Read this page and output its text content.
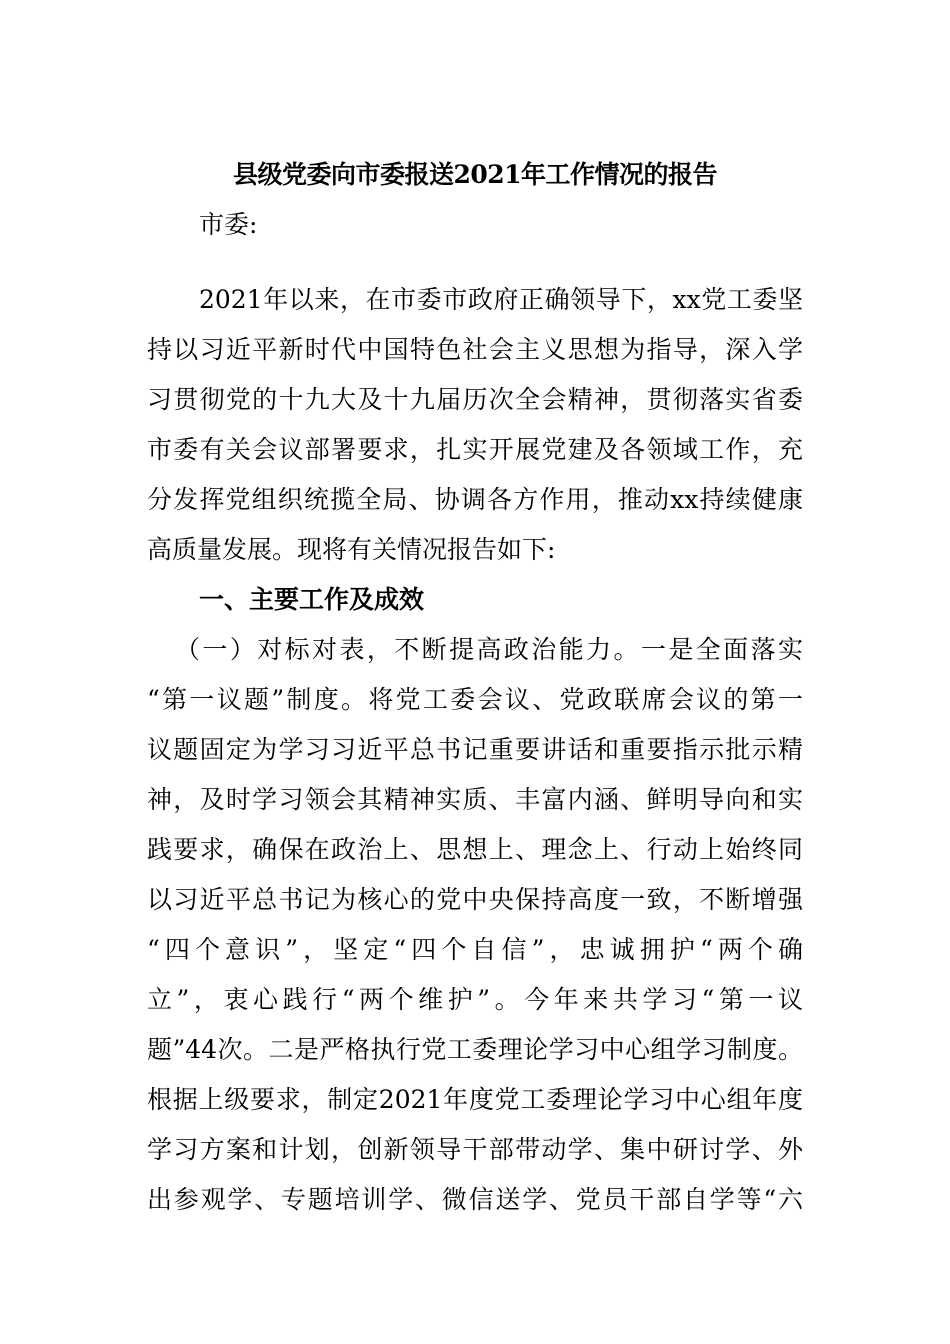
县级党委向市委报送2021年工作情况的报告
市委:
2021年以来，在市委市政府正确领导下，xx党工委坚
持以习近平新时代中国特色社会主义思想为指导，深入学
习贯彻党的十九大及十九届历次全会精神，贯彻落实省委
市委有关会议部署要求，扎实开展党建及各领域工作，充
分发挥党组织统揽全局、协调各方作用，推动xx持续健康
高质量发展。现将有关情况报告如下:
一、主要工作及成效
（一）对标对表，不断提高政治能力。一是全面落实
“第一议题”制度。将党工委会议、党政联席会议的第一
议题固定为学习习近平总书记重要讲话和重要指示批示精
神，及时学习领会其精神实质、丰富内涵、鲜明导向和实
践要求，确保在政治上、思想上、理念上、行动上始终同
以习近平总书记为核心的党中央保持高度一致，不断增强
“四个意识”，坚定“四个自信”，忠诚拥护“两个确
立”，衷心践行“两个维护”。今年来共学习“第一议
题”44次。二是严格执行党工委理论学习中心组学习制度。
根据上级要求，制定2021年度党工委理论学习中心组年度
学习方案和计划，创新领导干部带动学、集中研讨学、外
出参观学、专题培训学、微信送学、党员干部自学等“六
